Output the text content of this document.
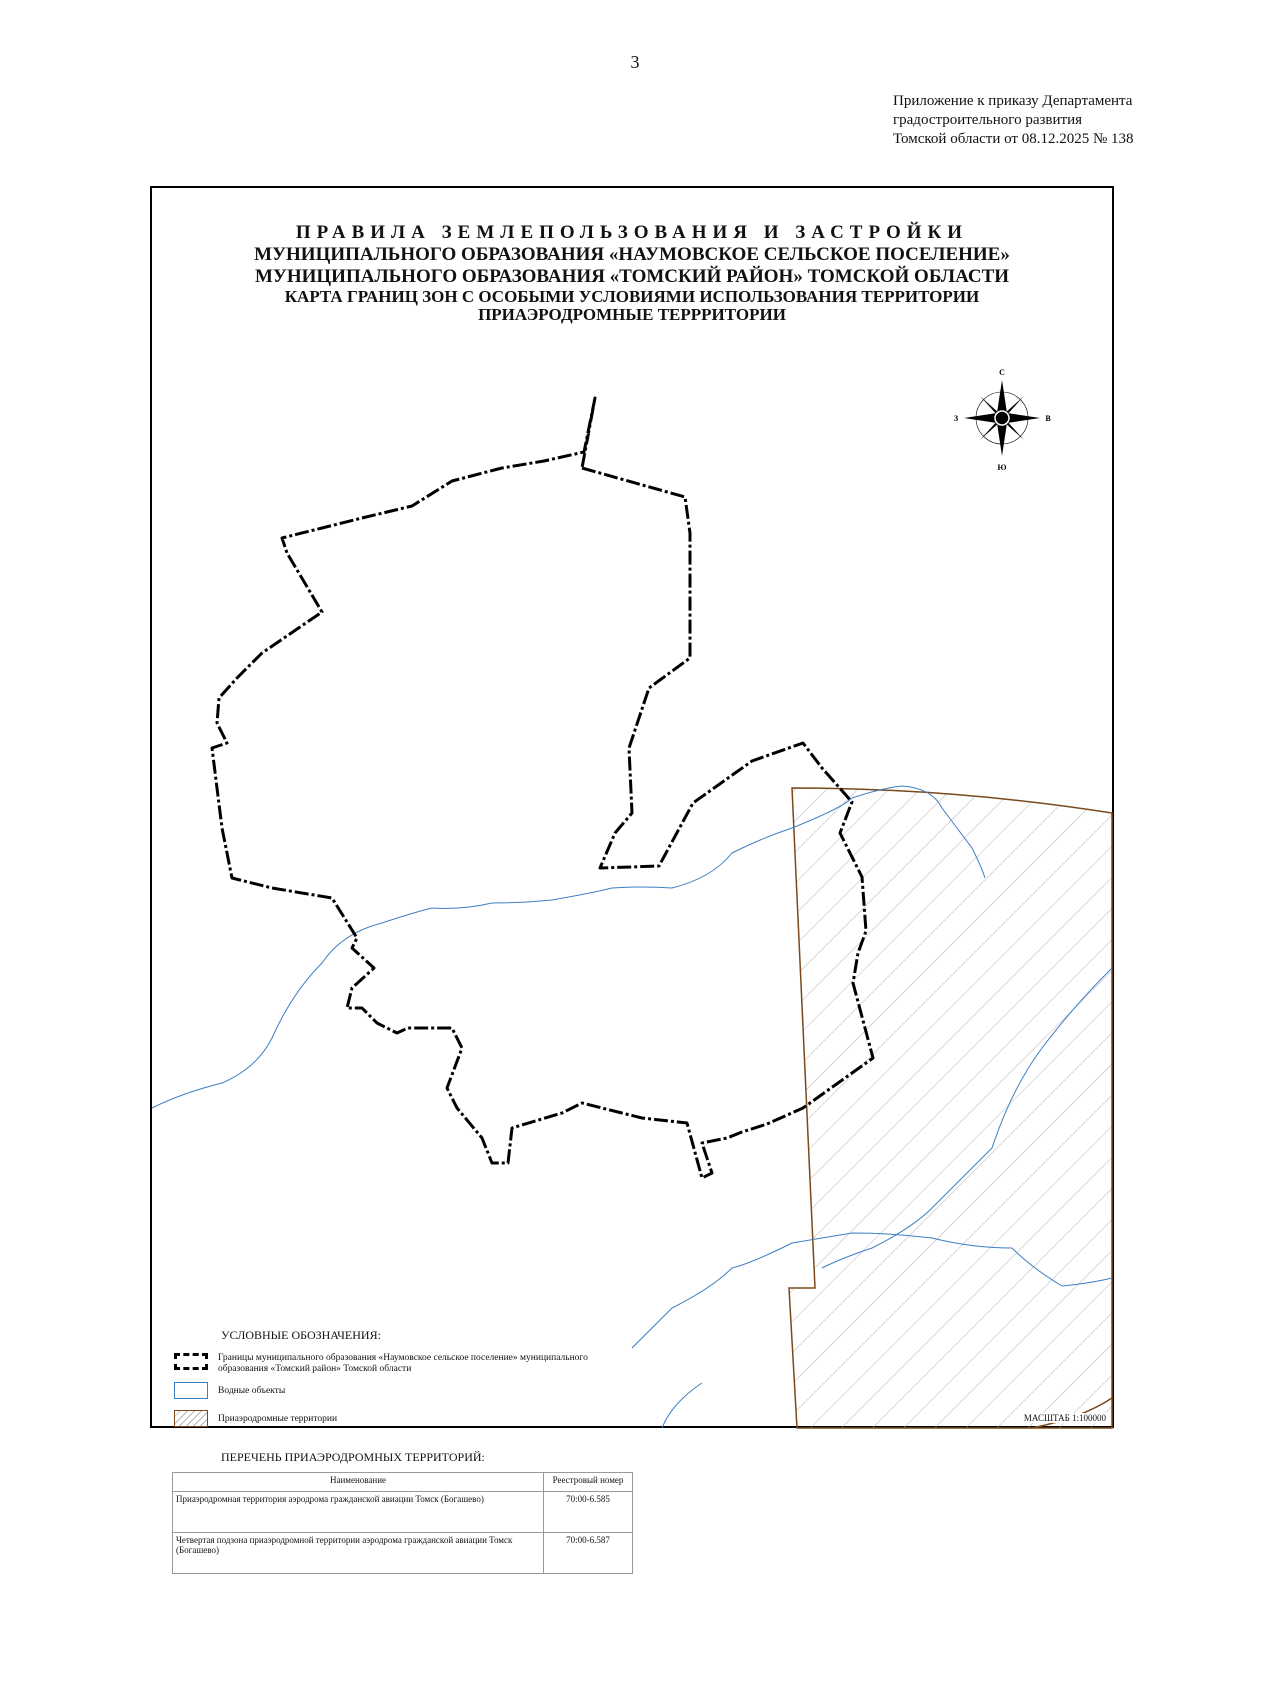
3
Приложение к приказу Департамента
градостроительного развития
Томской области от 08.12.2025 № 138
ПРАВИЛА ЗЕМЛЕПОЛЬЗОВАНИЯ И ЗАСТРОЙКИ
МУНИЦИПАЛЬНОГО ОБРАЗОВАНИЯ «НАУМОВСКОЕ СЕЛЬСКОЕ ПОСЕЛЕНИЕ»
МУНИЦИПАЛЬНОГО ОБРАЗОВАНИЯ «ТОМСКИЙ РАЙОН» ТОМСКОЙ ОБЛАСТИ
КАРТА ГРАНИЦ ЗОН С ОСОБЫМИ УСЛОВИЯМИ ИСПОЛЬЗОВАНИЯ ТЕРРИТОРИИ
ПРИАЭРОДРОМНЫЕ ТЕРРРИТОРИИ
С
Ю
З	В
УСЛОВНЫЕ ОБОЗНАЧЕНИЯ:
Границы муниципального образования «Наумовское сельское поселение» муниципального образования «Томский район» Томской области
Водные объекты
Приаэродромные территории
ПЕРЕЧЕНЬ ПРИАЭРОДРОМНЫХ ТЕРРИТОРИЙ:
Наименование	Реестровый номер
Приаэродромная территория аэродрома гражданской авиации Томск (Богашево)	70:00-6.585
Четвертая подзона приаэродромной территории аэродрома гражданской авиации Томск (Богашево)	70:00-6.587
МАСШТАБ 1:100000
